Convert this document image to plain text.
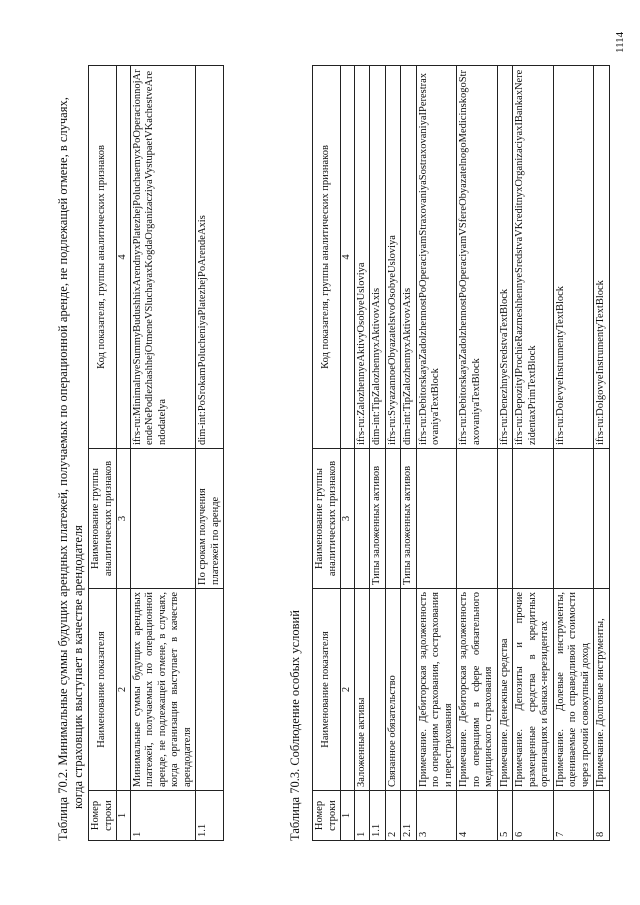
Таблица 70.2. Минимальные суммы будущих арендных платежей, получаемых по операционной аренде, не подлежащей отмене, в случаях, когда страховщик выступает в качестве арендодателя
Номер строки	Наименование показателя	Наименование группы аналитических признаков	Код показателя, группы аналитических признаков
1	2	3	4
1	Минимальные суммы будущих арендных платежей, получаемых по операционной аренде, не подлежащей отмене, в случаях, когда организация выступает в качестве арендодателя		ifrs-ru:MinimalnyeSummyBudushhixArendnyxPlatezhejPoluchaemyxPoOperacionnojArendeNePodlezhashhejOtmeneVSluchayaxKogdaOrganizacziyaVystupaetVKachestveArendodatelya
1.1		По срокам получения платежей по аренде	dim-int:PoSrokamPolucheniyaPlatezhejPoArendeAxis
Таблица 70.3. Соблюдение особых условий Номер строки	Наименование показателя	Наименование группы аналитических признаков	Код показателя, группы аналитических признаков
1	2	3	4
1	Заложенные активы		ifrs-ru:ZalozhennyeAktivyOsobyeUsloviya
1.1		Типы заложенных активов	dim-int:TipZalozhennyxAktivovAxis
2	Связанное обязательство		ifrs-ru:SvyazannoeObyazatelstvoOsobyeUsloviya
2.1		Типы заложенных активов	dim-int:TipZalozhennyxAktivovAxis
3	Примечание. Дебиторская задолженность по операциям страхования, сострахования и перестрахования		ifrs-ru:DebitorskayaZadolzhennostPoOperaciyamStraxovaniyaSostraxovaniyaIPerestraxovaniyaTextBlock
4	Примечание. Дебиторская задолженность по операциям в сфере обязательного медицинского страхования		ifrs-ru:DebitorskayaZadolzhennostPoOperaciyamVSfereObyazatelnogoMedicinskogoStraxovaniyaTextBlock
5	Примечание. Денежные средства		ifrs-ru:DenezhnyeSredstvaTextBlock
6	Примечание. Депозиты и прочие размещенные средства в кредитных организациях и банках-нерезидентах		ifrs-ru:DepozityIProchieRazmeshhennyeSredstvaVKreditnyxOrganizaciyaxIBankaxNerezidentaxPrimTextBlock
7	Примечание. Долевые инструменты, оцениваемые по справедливой стоимости через прочий совокупный доход		ifrs-ru:DolevyeInstrumentyTextBlock
8	Примечание. Долговые инструменты,		ifrs-ru:DolgovyeInstrumentyTextBlock
1114
